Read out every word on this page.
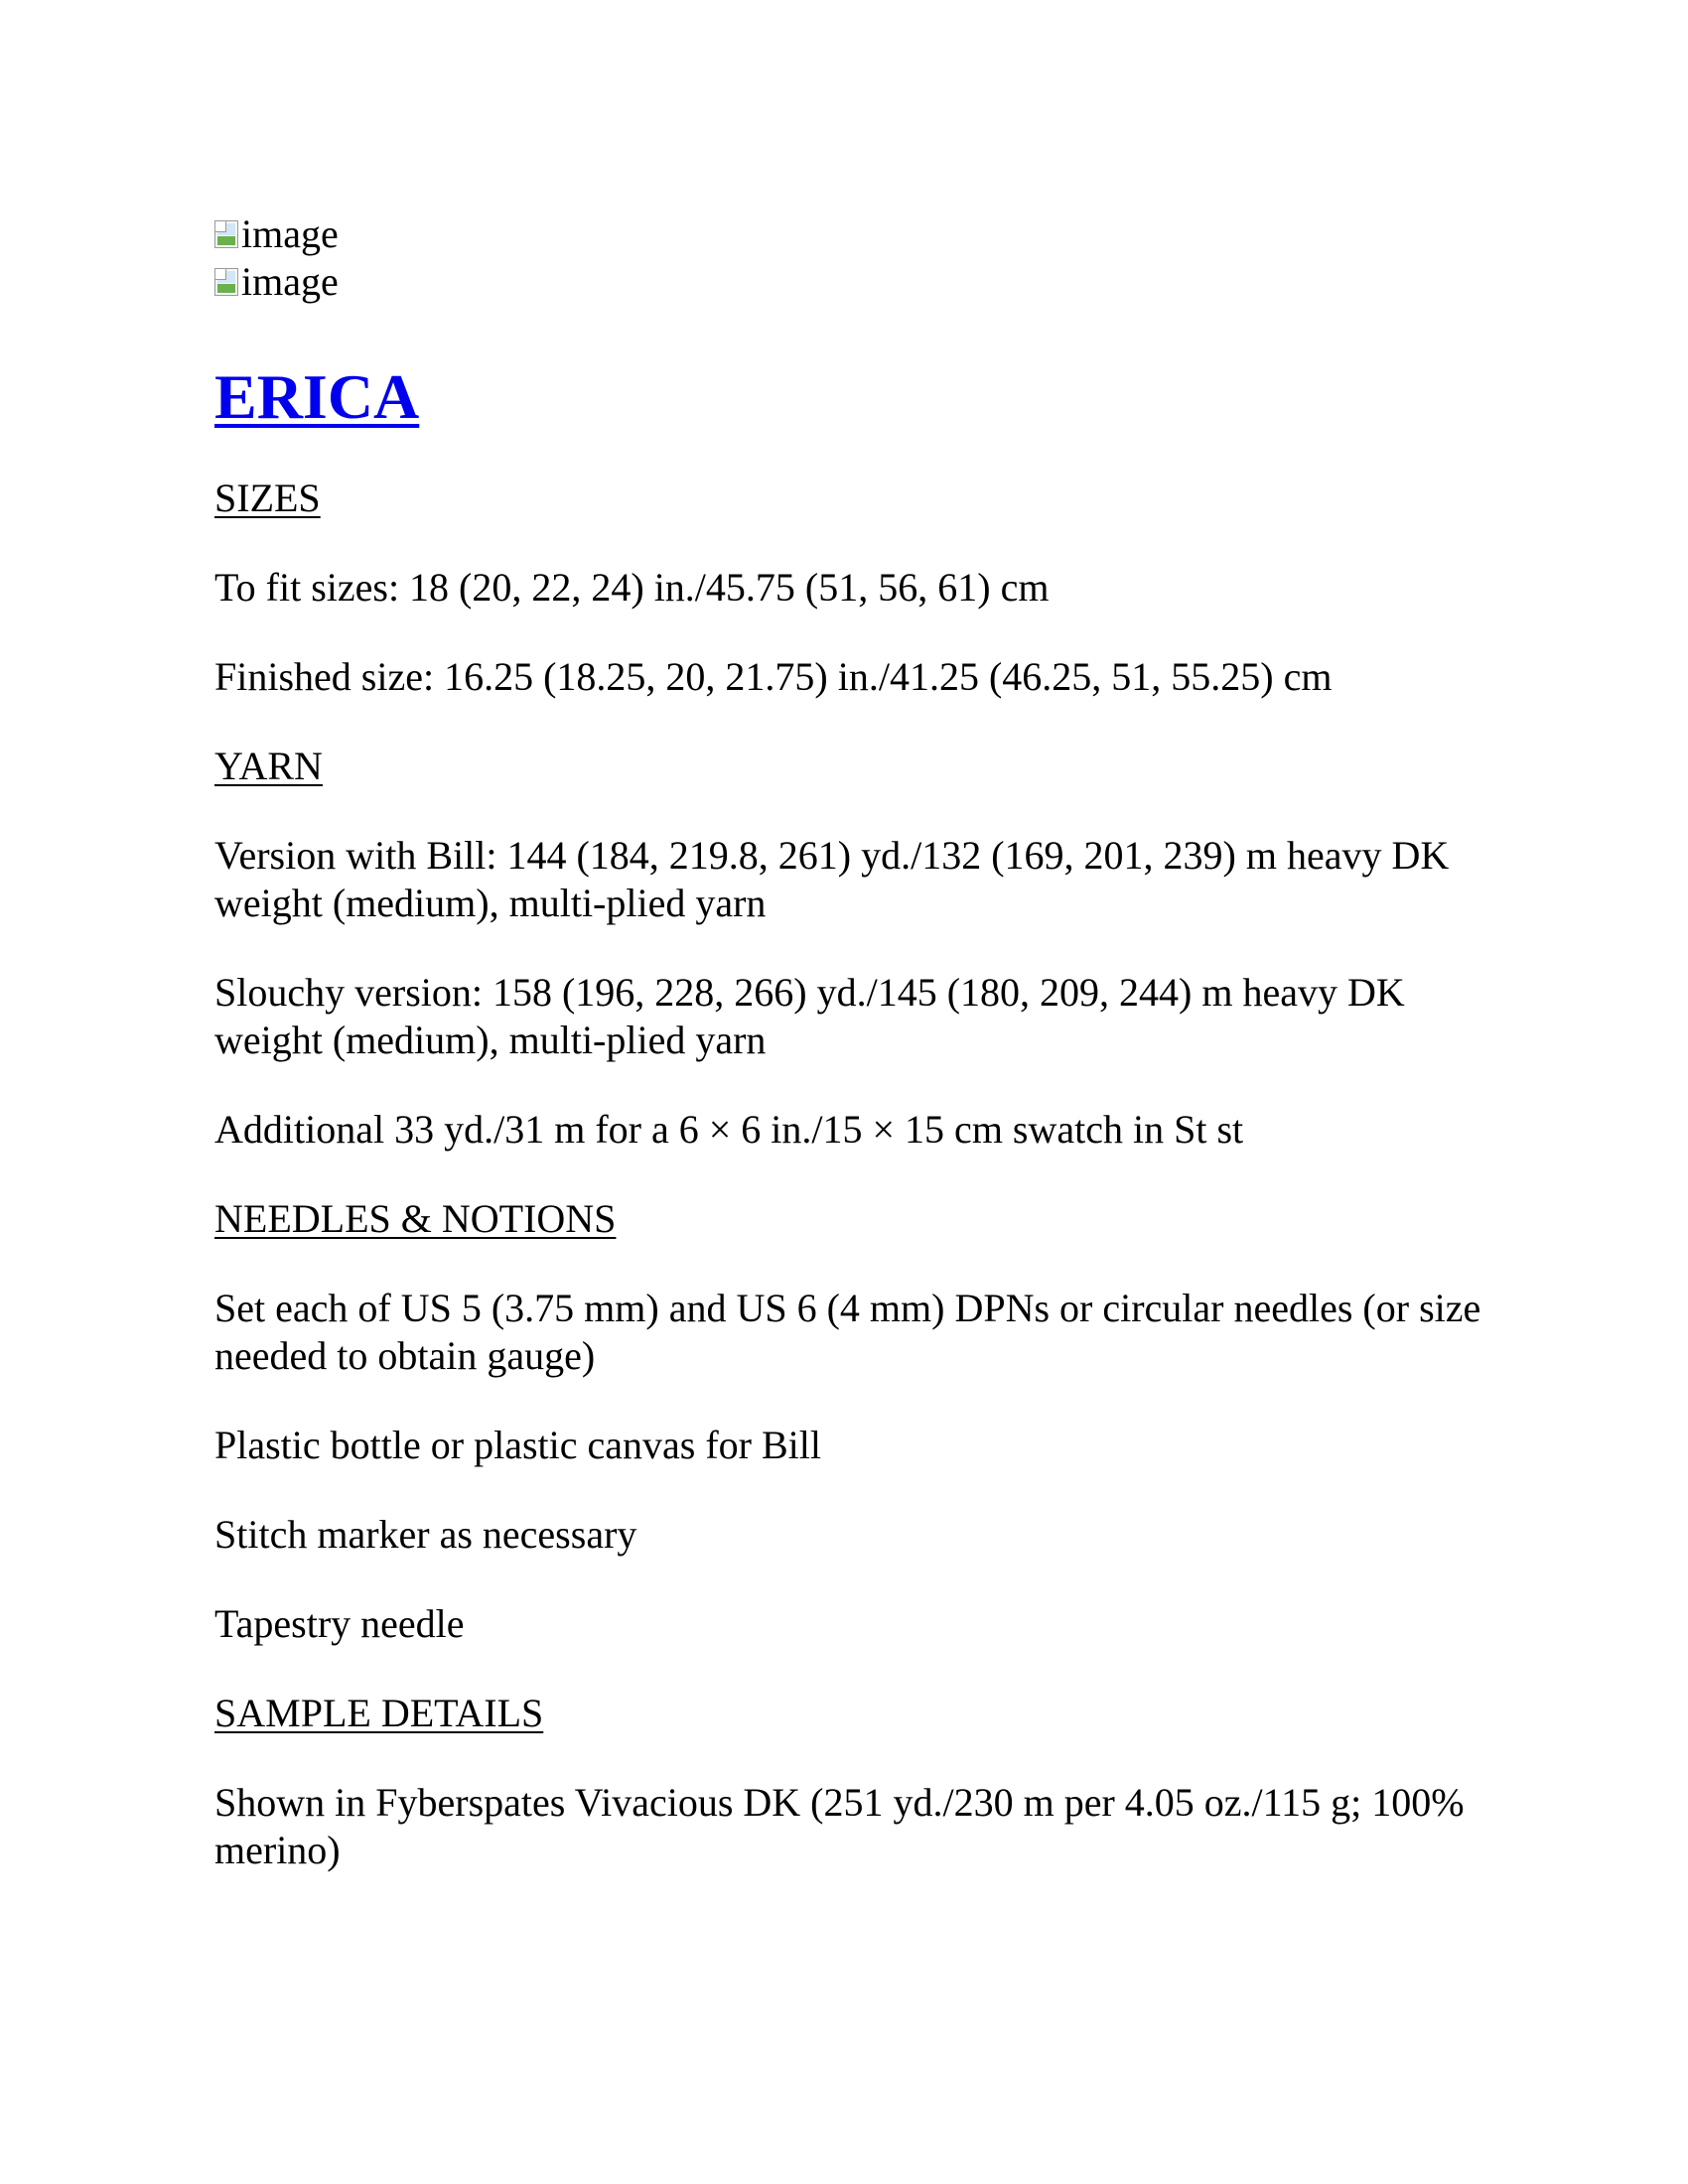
image
image
ERICA

SIZES

To fit sizes: 18 (20, 22, 24) in./45.75 (51, 56, 61) cm

Finished size: 16.25 (18.25, 20, 21.75) in./41.25 (46.25, 51, 55.25) cm

YARN

Version with Bill: 144 (184, 219.8, 261) yd./132 (169, 201, 239) m heavy DK weight (medium), multi-plied yarn

Slouchy version: 158 (196, 228, 266) yd./145 (180, 209, 244) m heavy DK weight (medium), multi-plied yarn

Additional 33 yd./31 m for a 6 × 6 in./15 × 15 cm swatch in St st

NEEDLES & NOTIONS

Set each of US 5 (3.75 mm) and US 6 (4 mm) DPNs or circular needles (or size needed to obtain gauge)

Plastic bottle or plastic canvas for Bill

Stitch marker as necessary

Tapestry needle

SAMPLE DETAILS

Shown in Fyberspates Vivacious DK (251 yd./230 m per 4.05 oz./115 g; 100% merino)
